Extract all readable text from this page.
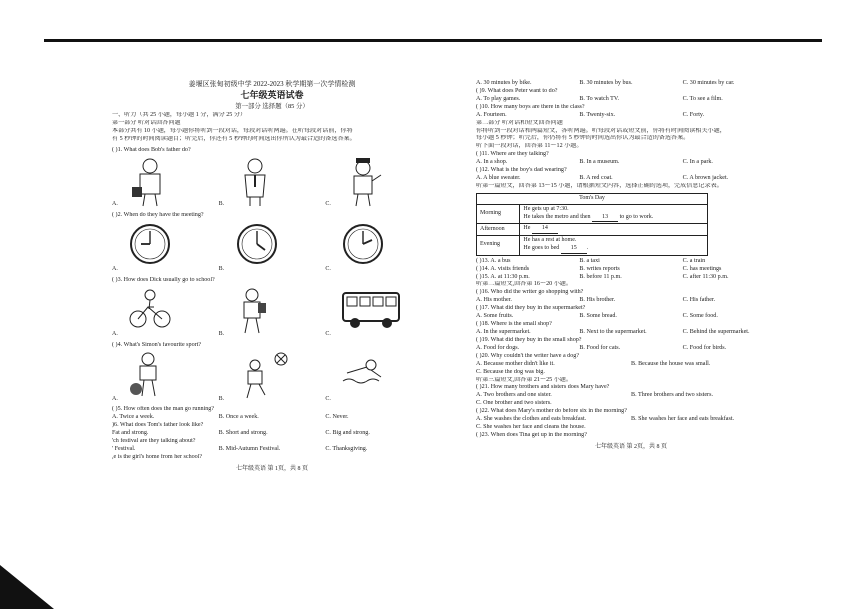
姜堰区张甸初级中学 2022-2023 秋学期第一次学情检测

七年级英语试卷

第一部分 选择题（85 分）

一、听力（共 25 小题，每小题 1 分，满分 25 分）

第一部分 听对话回答问题

本部分共有 10 小题，每小题你将听到一段对话，每段对话听两遍。在听每段对话前，你将

有 5 秒钟的时间阅读题目；听完后，你还有 5 秒钟的时间选出你所认为最合适的备选答案。

( )1. What does Bob's father do?

A.	B.	C.

( )2. When do they have the meeting?

A.	B.	C.

( )3. How does Dick usually go to school?

A.	B.	C.

( )4. What's Simon's favourite sport?

A.	B.	C.

( )5. How often does the man go running?

A. Twice a week.	B. Once a week.	C. Never.

)6. What does Tom's father look like?

Fat and strong.	B. Short and strong.	C. Big and strong.

'ch festival are they talking about?

' Festival.	B. Mid-Autumn Festival.	C. Thanksgiving.

,e is the girl's home from her school?

七年级英语 第 1页，共 8 页

A. 30 minutes by bike.	B. 30 minutes by bus.	C. 30 minutes by car.

( )9. What does Peter want to do?

A. To play games.	B. To watch TV.	C. To see a film.

( )10. How many boys are there in the class?

A. Fourteen.	B. Twenty-six.	C. Forty.

第二部分 听对话和短文回答问题

你将听到一段对话和两篇短文，各听两遍。听每段对话或短文前，你将有时间阅读相关小题，

每小题 5 秒钟；听完后，你仍将有 5 秒钟的时间选出你认为最合适的备选答案。

听下面一段对话，回答第 11～12 小题。

( )11. Where are they talking?

A. In a shop.	B. In a museum.	C. In a park.

( )12. What is the boy's dad wearing?

A. A blue sweater.	B. A red coat.	C. A brown jacket.

听第一篇短文，回答第 13～15 小题，请根据短文内容，选择正确的选项，完成信息记录表。

Tom's Day	
Morning	He gets up at 7:30.
He takes the metro and then 13 to go to work.

Afternoon	He 14
Evening	He has a rest at home.
He goes to bed 15 .
( )13. A. a bus	B. a taxi	C. a train
( )14. A. visits friends	B. writes reports	C. has meetings
( )15. A. at 11:30 p.m.	B. before 11 p.m.	C. after 11:30 p.m.

听第二篇短文,回答第 16～20 小题。

( )16. Who did the writer go shopping with?

A. His mother.	B. His brother.	C. His father.

( )17. What did they buy in the supermarket?

A. Some fruits.	B. Some bread.	C. Some food.

( )18. Where is the small shop?

A. In the supermarket.	B. Next to the supermarket.	C. Behind the supermarket.

( )19. What did they buy in the small shop?

A. Food for dogs.	B. Food for cats.	C. Food for birds.

( )20. Why couldn't the writer have a dog?

A. Because mother didn't like it.	B. Because the house was small.

C. Because the dog was big.

听第三篇短文,回答第 21～25 小题。

( )21. How many brothers and sisters does Mary have?

A. Two brothers and one sister.	B. Three brothers and two sisters.

C. One brother and two sisters.

( )22. What does Mary's mother do before six in the morning?

A. She washes the clothes and eats breakfast.	B. She washes her face and eats breakfast.

C. She washes her face and cleans the house.

( )23. When does Tina get up in the morning?

七年级英语 第 2页，共 8 页
